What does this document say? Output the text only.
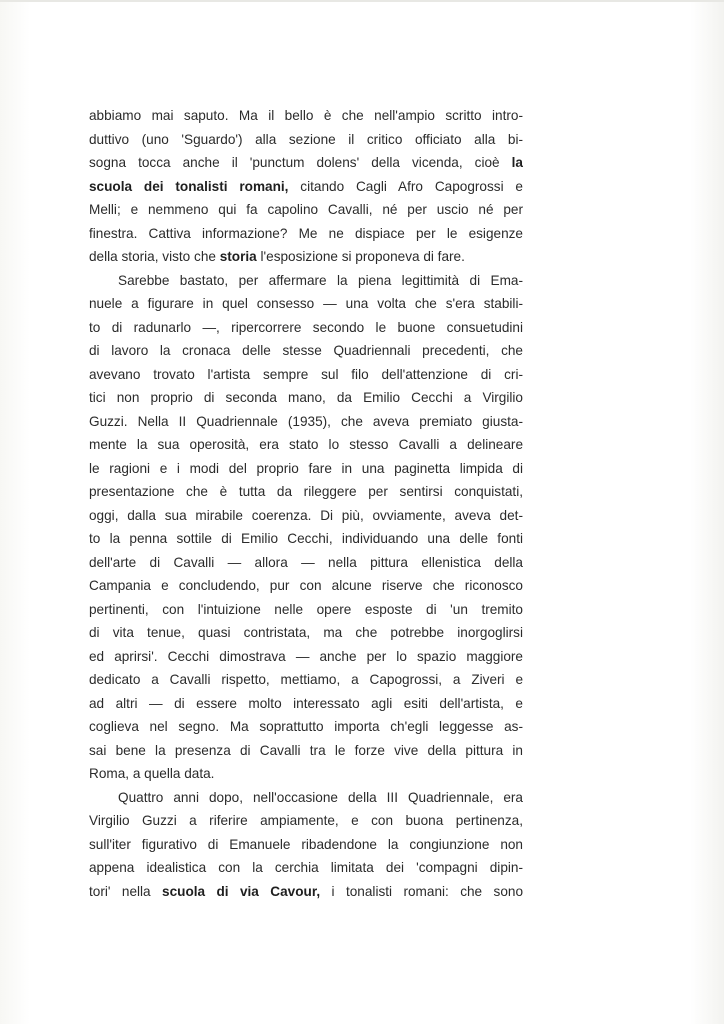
abbiamo mai saputo. Ma il bello è che nell'ampio scritto intro-
duttivo (uno 'Sguardo') alla sezione il critico officiato alla bi-
sogna tocca anche il 'punctum dolens' della vicenda, cioè la
scuola dei tonalisti romani, citando Cagli Afro Capogrossi e
Melli; e nemmeno qui fa capolino Cavalli, né per uscio né per
finestra. Cattiva informazione? Me ne dispiace per le esigenze
della storia, visto che storia l'esposizione si proponeva di fare.
Sarebbe bastato, per affermare la piena legittimità di Ema-
nuele a figurare in quel consesso — una volta che s'era stabili-
to di radunarlo —, ripercorrere secondo le buone consuetudini
di lavoro la cronaca delle stesse Quadriennali precedenti, che
avevano trovato l'artista sempre sul filo dell'attenzione di cri-
tici non proprio di seconda mano, da Emilio Cecchi a Virgilio
Guzzi. Nella II Quadriennale (1935), che aveva premiato giusta-
mente la sua operosità, era stato lo stesso Cavalli a delineare
le ragioni e i modi del proprio fare in una paginetta limpida di
presentazione che è tutta da rileggere per sentirsi conquistati,
oggi, dalla sua mirabile coerenza. Di più, ovviamente, aveva det-
to la penna sottile di Emilio Cecchi, individuando una delle fonti
dell'arte di Cavalli — allora — nella pittura ellenistica della
Campania e concludendo, pur con alcune riserve che riconosco
pertinenti, con l'intuizione nelle opere esposte di 'un tremito
di vita tenue, quasi contristata, ma che potrebbe inorgoglirsi
ed aprirsi'. Cecchi dimostrava — anche per lo spazio maggiore
dedicato a Cavalli rispetto, mettiamo, a Capogrossi, a Ziveri e
ad altri — di essere molto interessato agli esiti dell'artista, e
coglieva nel segno. Ma soprattutto importa ch'egli leggesse as-
sai bene la presenza di Cavalli tra le forze vive della pittura in
Roma, a quella data.
Quattro anni dopo, nell'occasione della III Quadriennale, era
Virgilio Guzzi a riferire ampiamente, e con buona pertinenza,
sull'iter figurativo di Emanuele ribadendone la congiunzione non
appena idealistica con la cerchia limitata dei 'compagni dipin-
tori' nella scuola di via Cavour, i tonalisti romani: che sono
